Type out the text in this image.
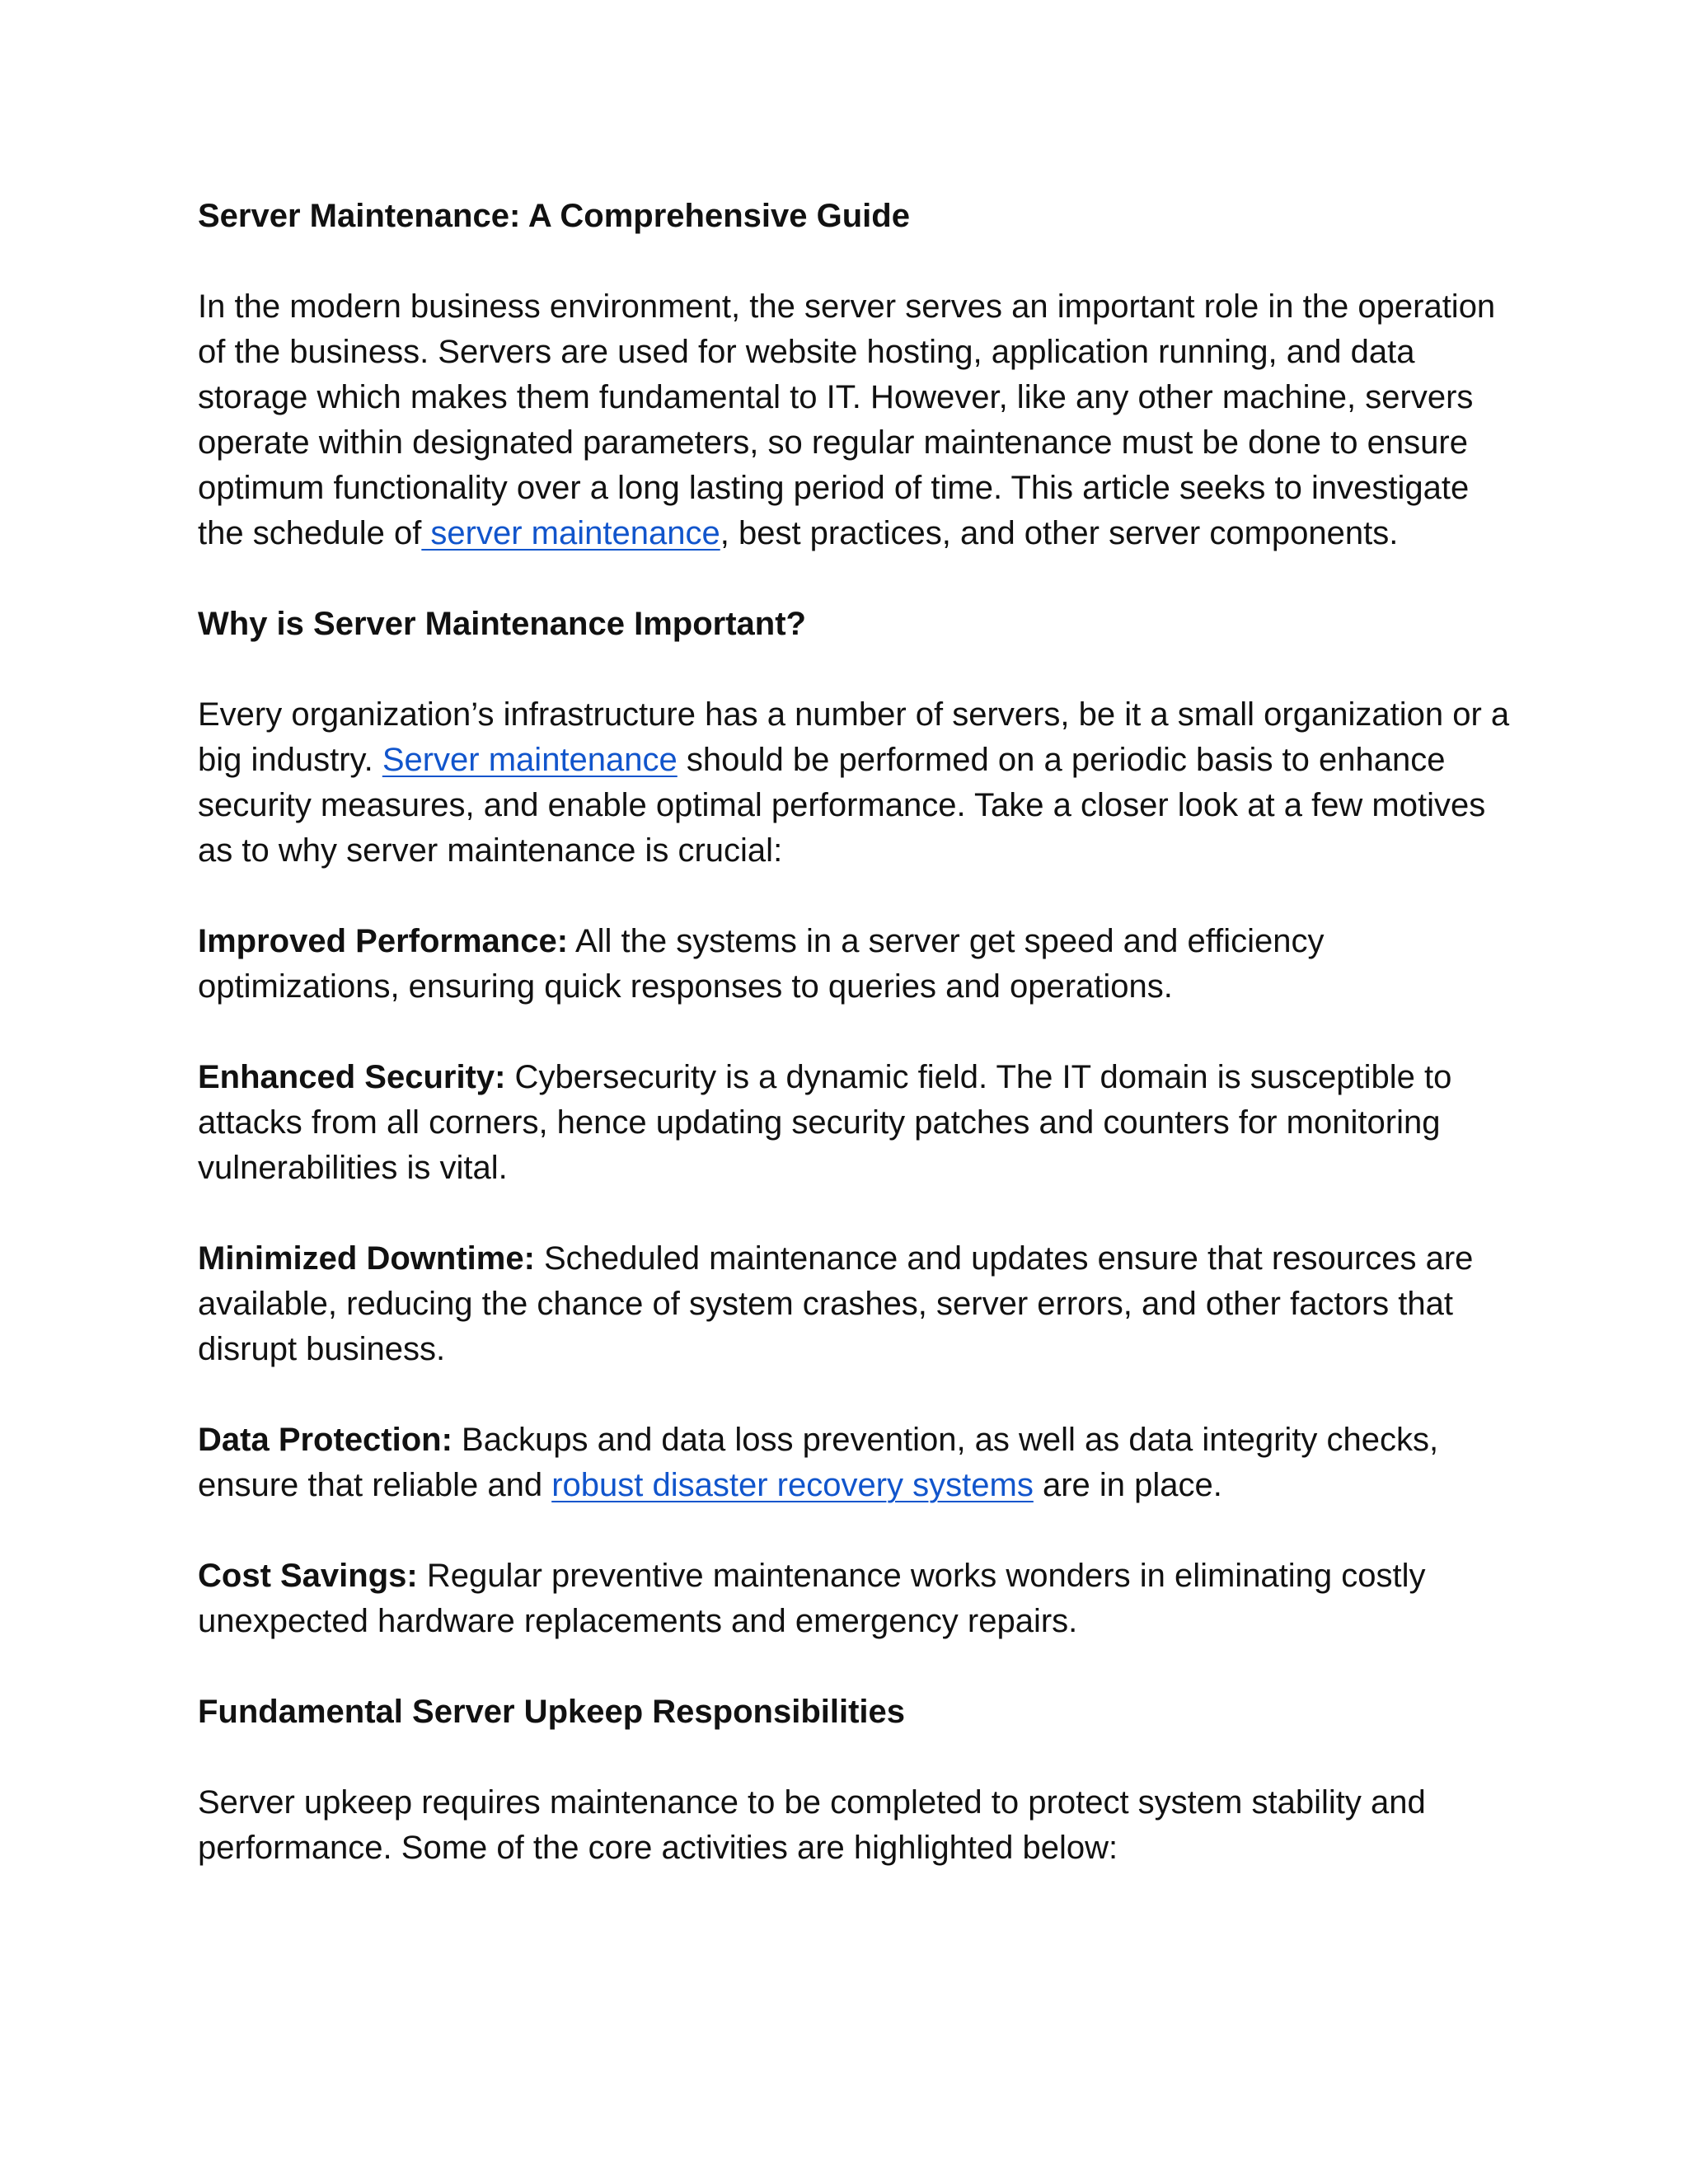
Server Maintenance: A Comprehensive Guide

In the modern business environment, the server serves an important role in the operation of the business. Servers are used for website hosting, application running, and data storage which makes them fundamental to IT. However, like any other machine, servers operate within designated parameters, so regular maintenance must be done to ensure optimum functionality over a long lasting period of time. This article seeks to investigate the schedule of server maintenance, best practices, and other server components.

Why is Server Maintenance Important?

Every organization’s infrastructure has a number of servers, be it a small organization or a big industry. Server maintenance should be performed on a periodic basis to enhance security measures, and enable optimal performance. Take a closer look at a few motives as to why server maintenance is crucial:

Improved Performance: All the systems in a server get speed and efficiency optimizations, ensuring quick responses to queries and operations.

Enhanced Security: Cybersecurity is a dynamic field. The IT domain is susceptible to attacks from all corners, hence updating security patches and counters for monitoring vulnerabilities is vital.

Minimized Downtime: Scheduled maintenance and updates ensure that resources are available, reducing the chance of system crashes, server errors, and other factors that disrupt business.

Data Protection: Backups and data loss prevention, as well as data integrity checks, ensure that reliable and robust disaster recovery systems are in place.

Cost Savings: Regular preventive maintenance works wonders in eliminating costly unexpected hardware replacements and emergency repairs.

Fundamental Server Upkeep Responsibilities

Server upkeep requires maintenance to be completed to protect system stability and performance. Some of the core activities are highlighted below:
